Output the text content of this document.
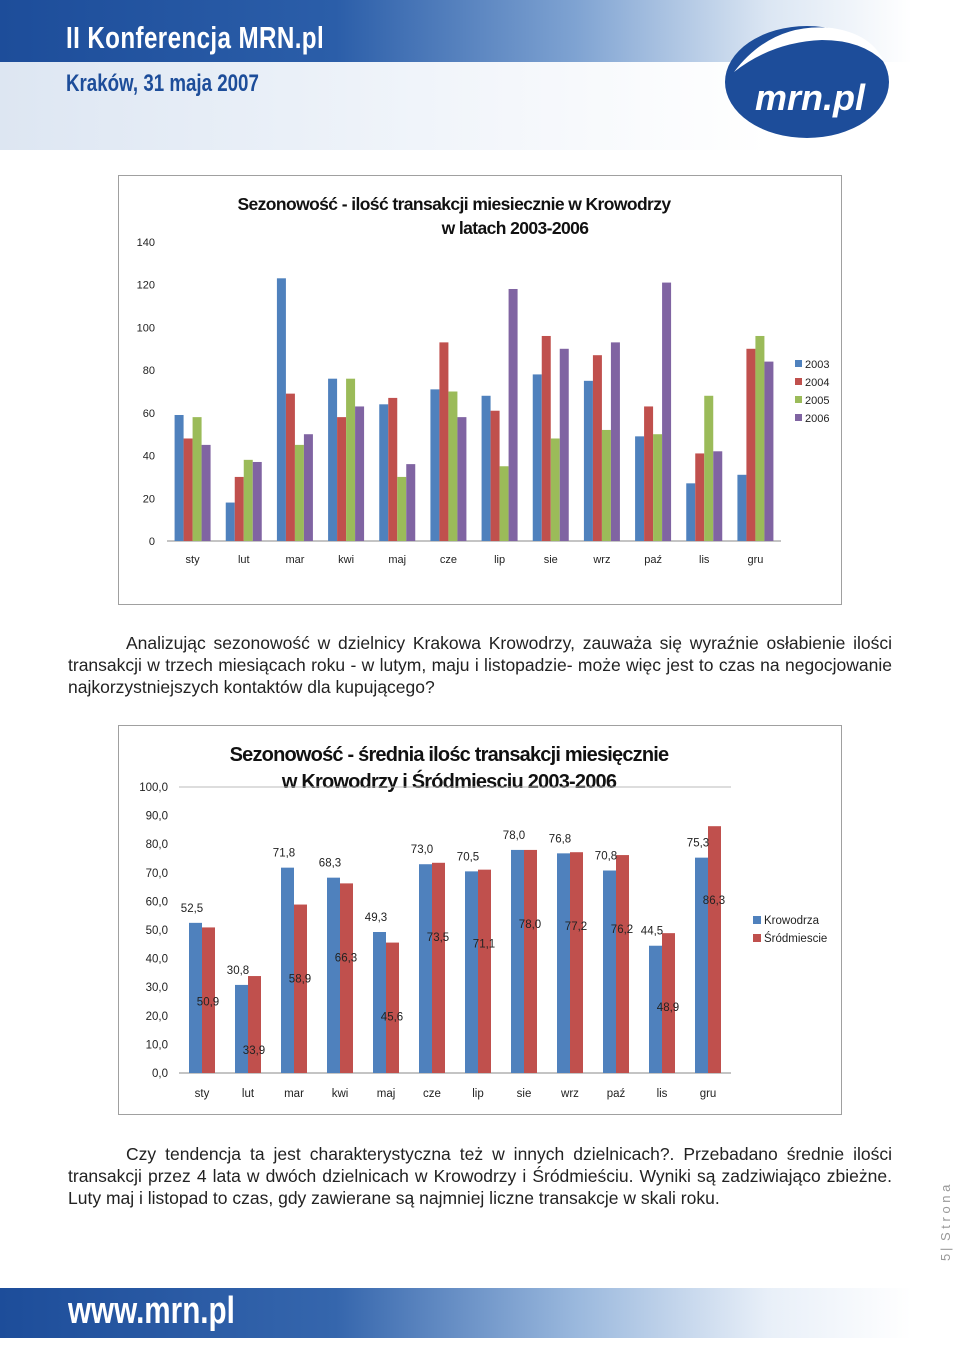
II Konferencja MRN.pl
Kraków, 31 maja 2007	mrn.pl
Sezonowość - ilość transakcji miesiecznie w Krowodrzy
w latach 2003-2006
0
20
40
60
80
100
120
140
sty	lut	mar	kwi	maj	cze	lip	sie	wrz	paź	lis	gru
2003
2004
2005
2006
Analizując sezonowość w dzielnicy Krakowa Krowodrzy, zauważa się wyraźnie osłabienie ilości transakcji w trzech miesiącach roku - w lutym, maju i listopadzie- może więc jest to czas na negocjowanie najkorzystniejszych kontaktów dla kupującego?
Sezonowość - średnia ilośc transakcji miesięcznie
w Krowodrzy i Śródmiesciu 2003-2006
0,0
10,0
20,0
30,0
40,0
50,0
60,0
70,0
80,0
90,0
100,0
52,5
50,9
sty
30,8
33,9
lut
71,8
58,9
mar
68,3
66,3
kwi
49,3
45,6
maj
73,0
73,5
cze
70,5
71,1
lip
78,0
78,0
sie
76,8
77,2
wrz
70,8
76,2
paź
44,5
48,9
lis
75,3
86,3
gru
Krowodrza
Śródmiescie
Czy tendencja ta jest charakterystyczna też w innych dzielnicach?. Przebadano średnie ilości transakcji przez 4 lata w dwóch dzielnicach w Krowodrzy i Śródmieściu. Wyniki są zadziwiająco zbieżne. Luty maj i listopad to czas, gdy zawierane są najmniej liczne transakcje w skali roku.
www.mrn.pl
5
|
S t r o n a
